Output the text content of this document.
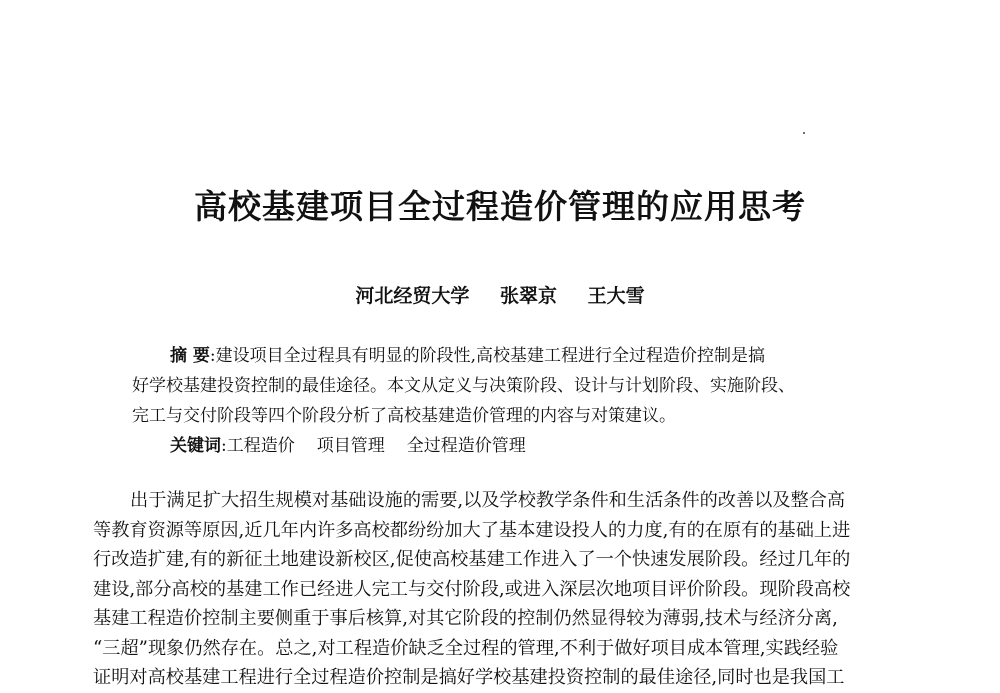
高校基建项目全过程造价管理的应用思考
河北经贸大学 张翠京 王大雪
摘 要:建设项目全过程具有明显的阶段性,高校基建工程进行全过程造价控制是搞
好学校基建投资控制的最佳途径。本文从定义与决策阶段、设计与计划阶段、实施阶段、
完工与交付阶段等四个阶段分析了高校基建造价管理的内容与对策建议。
关键词:工程造价 项目管理 全过程造价管理
出于满足扩大招生规模对基础设施的需要,以及学校教学条件和生活条件的改善以及整合高
等教育资源等原因,近几年内许多高校都纷纷加大了基本建设投人的力度,有的在原有的基础上进
行改造扩建,有的新征土地建设新校区,促使高校基建工作进入了一个快速发展阶段。经过几年的
建设,部分高校的基建工作已经进人完工与交付阶段,或进入深层次地项目评价阶段。现阶段高校
基建工程造价控制主要侧重于事后核算,对其它阶段的控制仍然显得较为薄弱,技术与经济分离,
“三超”现象仍然存在。总之,对工程造价缺乏全过程的管理,不利于做好项目成本管理,实践经验
证明对高校基建工程进行全过程造价控制是搞好学校基建投资控制的最佳途径,同时也是我国工
